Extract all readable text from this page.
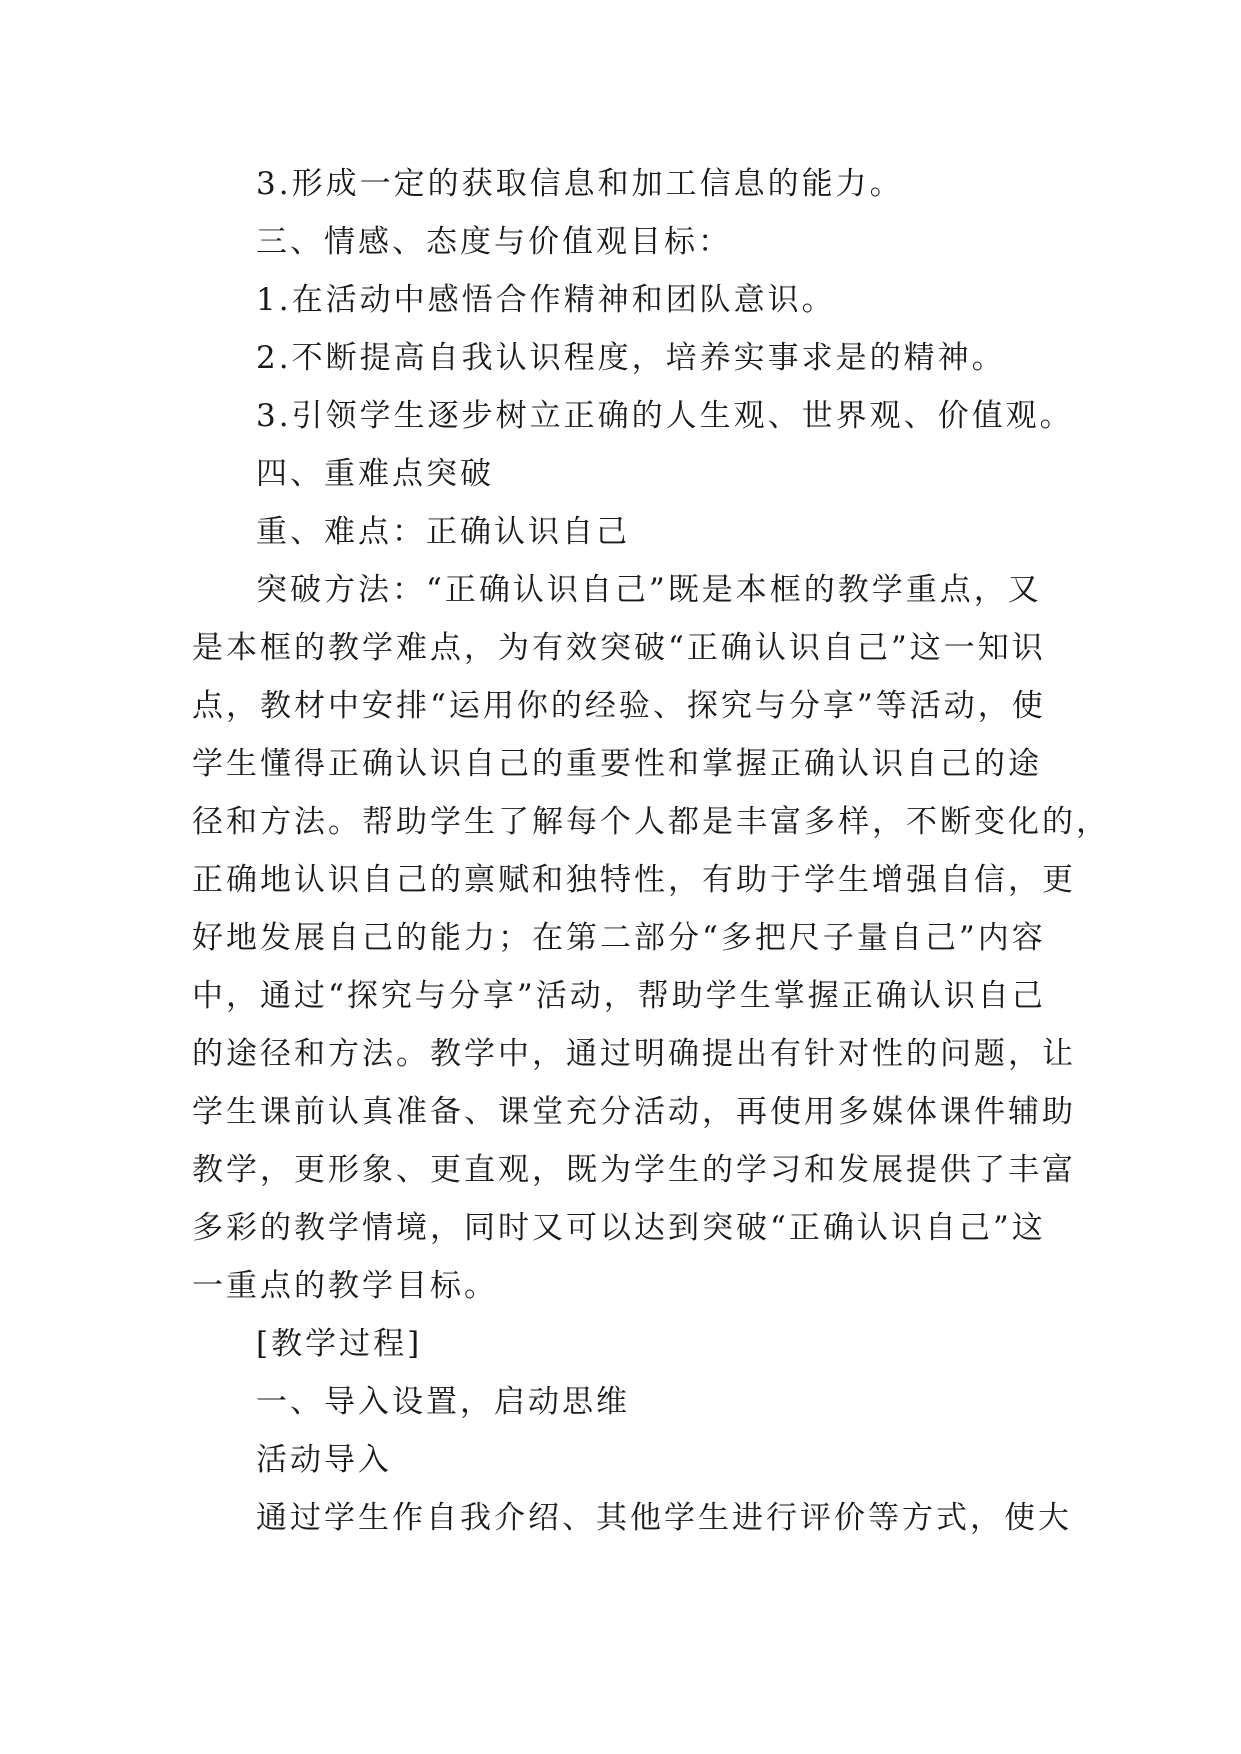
3.形成一定的获取信息和加工信息的能力。
三、情感、态度与价值观目标：
1.在活动中感悟合作精神和团队意识。
2.不断提高自我认识程度，培养实事求是的精神。
3.引领学生逐步树立正确的人生观、世界观、价值观。
四、重难点突破
重、难点：正确认识自己
突破方法：“正确认识自己”既是本框的教学重点，又
是本框的教学难点，为有效突破“正确认识自己”这一知识
点，教材中安排“运用你的经验、探究与分享”等活动，使
学生懂得正确认识自己的重要性和掌握正确认识自己的途
径和方法。帮助学生了解每个人都是丰富多样，不断变化的，
正确地认识自己的禀赋和独特性，有助于学生增强自信，更
好地发展自己的能力；在第二部分“多把尺子量自己”内容
中，通过“探究与分享”活动，帮助学生掌握正确认识自己
的途径和方法。教学中，通过明确提出有针对性的问题，让
学生课前认真准备、课堂充分活动，再使用多媒体课件辅助
教学，更形象、更直观，既为学生的学习和发展提供了丰富
多彩的教学情境，同时又可以达到突破“正确认识自己”这
一重点的教学目标。
[教学过程]
一、导入设置，启动思维
活动导入
通过学生作自我介绍、其他学生进行评价等方式，使大
